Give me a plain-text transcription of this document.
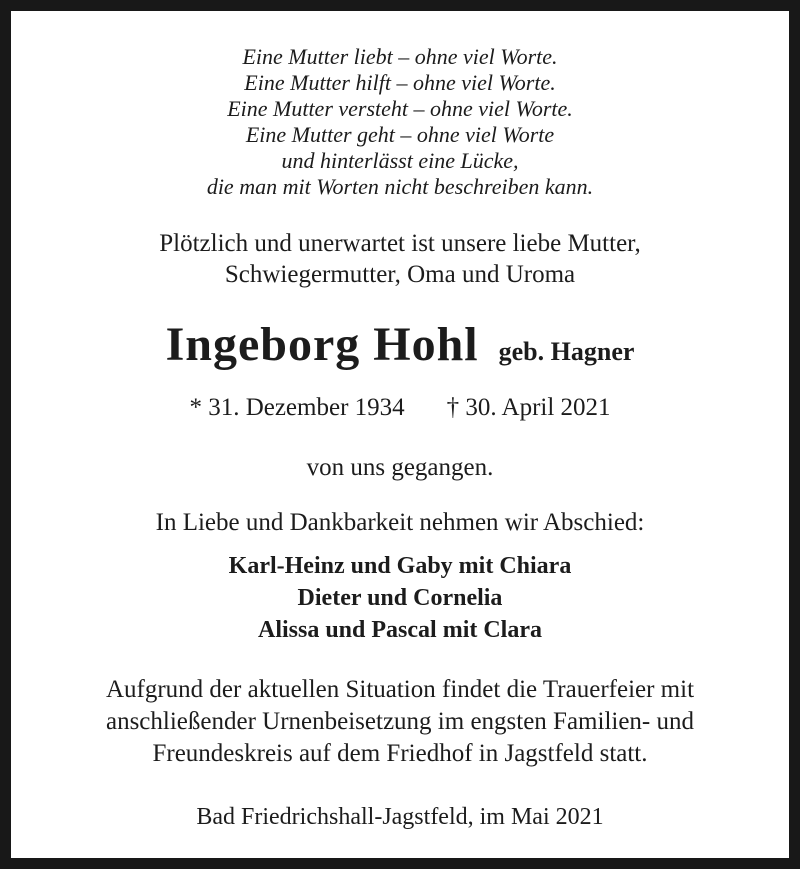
Eine Mutter liebt – ohne viel Worte.
Eine Mutter hilft – ohne viel Worte.
Eine Mutter versteht – ohne viel Worte.
Eine Mutter geht – ohne viel Worte
und hinterlässt eine Lücke,
die man mit Worten nicht beschreiben kann.
Plötzlich und unerwartet ist unsere liebe Mutter,
Schwiegermutter, Oma und Uroma
Ingeborg Hohl geb. Hagner
* 31. Dezember 1934 † 30. April 2021
von uns gegangen.
In Liebe und Dankbarkeit nehmen wir Abschied:
Karl-Heinz und Gaby mit Chiara
Dieter und Cornelia
Alissa und Pascal mit Clara
Aufgrund der aktuellen Situation findet die Trauerfeier mit
anschließender Urnenbeisetzung im engsten Familien- und
Freundeskreis auf dem Friedhof in Jagstfeld statt.
Bad Friedrichshall-Jagstfeld, im Mai 2021
